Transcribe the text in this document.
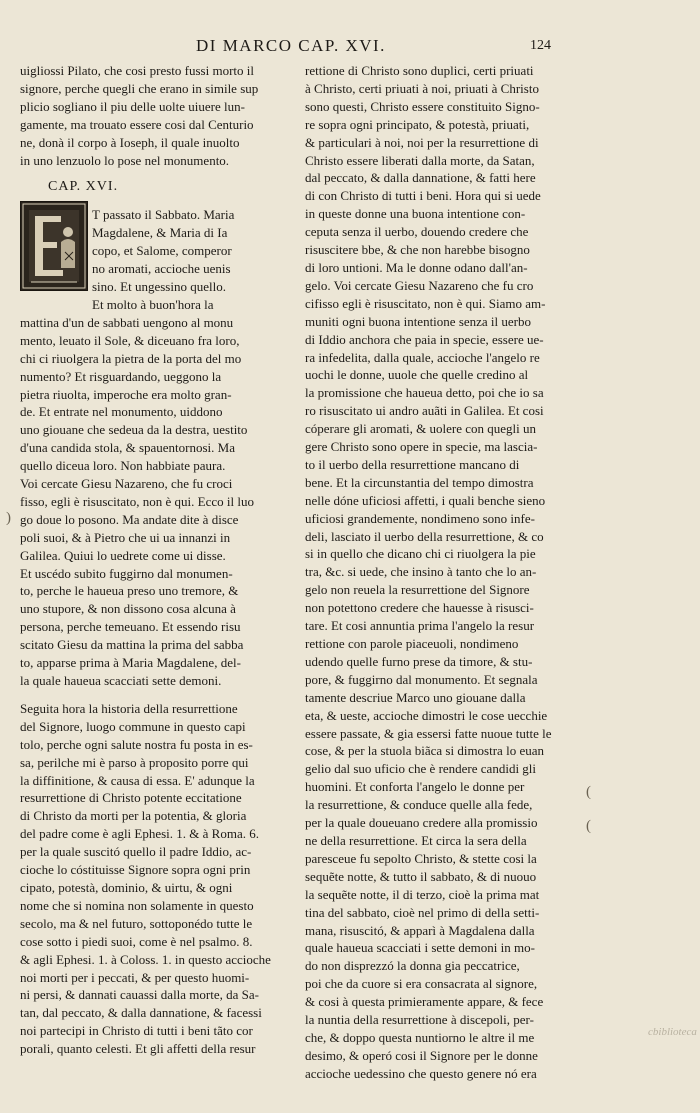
DI MARCO CAP. XVI.	124
uigliossi Pilato, che cosi presto fussi morto il
signore, perche quegli che erano in simile sup
plicio sogliano il piu delle uolte uiuere lun-
gamente, ma trouato essere cosi dal Centurio
ne, donà il corpo à Ioseph, il quale inuolto
in uno lenzuolo lo pose nel monumento.
CAP. XVI.
T passato il Sabbato. Maria
Magdalene, & Maria di Ia
copo, et Salome, comperor
no aromati, accioche uenis
sino. Et ungessino quello.
Et molto à buon'hora la
mattina d'un de sabbati uengono al monu
mento, leuato il Sole, & diceuano fra loro,
chi ci riuolgera la pietra de la porta del mo
numento? Et risguardando, ueggono la
pietra riuolta, imperoche era molto gran-
de. Et entrate nel monumento, uiddono
uno giouane che sedeua da la destra, uestito
d'una candida stola, & spauentornosi. Ma
quello diceua loro. Non habbiate paura.
Voi cercate Giesu Nazareno, che fu croci
fisso, egli è risuscitato, non è qui. Ecco il luo
go doue lo posono. Ma andate dite à disce
poli suoi, & à Pietro che ui ua innanzi in
Galilea. Quiui lo uedrete come ui disse.
Et uscédo subito fuggirno dal monumen-
to, perche le haueua preso uno tremore, &
uno stupore, & non dissono cosa alcuna à
persona, perche temeuano. Et essendo risu
scitato Giesu da mattina la prima del sabba
to, apparse prima à Maria Magdalene, del-
la quale haueua scacciati sette demoni.
Seguita hora la historia della resurrettione
del Signore, luogo commune in questo capi
tolo, perche ogni salute nostra fu posta in es-
sa, perilche mi è parso à proposito porre qui
la diffinitione, & causa di essa. E' adunque la
resurrettione di Christo potente eccitatione
di Christo da morti per la potentia, & gloria
del padre come è agli Ephesi. 1. & à Roma. 6.
per la quale suscitó quello il padre Iddio, ac-
cioche lo cóstituisse Signore sopra ogni prin
cipato, potestà, dominio, & uirtu, & ogni
nome che si nomina non solamente in questo
secolo, ma & nel futuro, sottoponédo tutte le
cose sotto i piedi suoi, come è nel psalmo. 8.
& agli Ephesi. 1. à Coloss. 1. in questo accioche
noi morti per i peccati, & per questo huomi-
ni persi, & dannati cauassi dalla morte, da Sa-
tan, dal peccato, & dalla dannatione, & facessi
noi partecipi in Christo di tutti i beni tãto cor
porali, quanto celesti. Et gli affetti della resur
rettione di Christo sono duplici, certi priuati
à Christo, certi priuati à noi, priuati à Christo
sono questi, Christo essere constituito Signo-
re sopra ogni principato, & potestà, priuati,
& particulari à noi, noi per la resurrettione di
Christo essere liberati dalla morte, da Satan,
dal peccato, & dalla dannatione, & fatti here
di con Christo di tutti i beni. Hora qui si uede
in queste donne una buona intentione con-
ceputa senza il uerbo, douendo credere che
risuscitere bbe, & che non harebbe bisogno
di loro untioni. Ma le donne odano dall'an-
gelo. Voi cercate Giesu Nazareno che fu cro
cifisso egli è risuscitato, non è qui. Siamo am-
muniti ogni buona intentione senza il uerbo
di Iddio anchora che paia in specie, essere ue-
ra infedelita, dalla quale, accioche l'angelo re
uochi le donne, uuole che quelle credino al
la promissione che haueua detto, poi che io sa
ro risuscitato ui andro auãti in Galilea. Et cosi
cóperare gli aromati, & uolere con quegli un
gere Christo sono opere in specie, ma lascia-
to il uerbo della resurrettione mancano di
bene. Et la circunstantia del tempo dimostra
nelle dóne uficiosi affetti, i quali benche sieno
uficiosi grandemente, nondimeno sono infe-
deli, lasciato il uerbo della resurrettione, & co
si in quello che dicano chi ci riuolgera la pie
tra, &c. si uede, che insino à tanto che lo an-
gelo non reuela la resurrettione del Signore
non potettono credere che hauesse à risusci-
tare. Et cosi annuntia prima l'angelo la resur
rettione con parole piaceuoli, nondimeno
udendo quelle furno prese da timore, & stu-
pore, & fuggirno dal monumento. Et segnala
tamente descriue Marco uno giouane dalla
eta, & ueste, accioche dimostri le cose uecchie
essere passate, & gia essersi fatte nuoue tutte le
cose, & per la stuola biãca si dimostra lo euan
gelio dal suo uficio che è rendere candidi gli
huomini. Et conforta l'angelo le donne per
la resurrettione, & conduce quelle alla fede,
per la quale doueuano credere alla promissio
ne della resurrettione. Et circa la sera della
paresceue fu sepolto Christo, & stette cosi la
sequẽte notte, & tutto il sabbato, & di nuouo
la sequẽte notte, il di terzo, cioè la prima mat
tina del sabbato, cioè nel primo di della setti-
mana, risuscitó, & apparì à Magdalena dalla
quale haueua scacciati i sette demoni in mo-
do non disprezzó la donna gia peccatrice,
poi che da cuore si era consacrata al signore,
& cosi à questa primieramente appare, & fece
la nuntia della resurrettione à discepoli, per-
che, & doppo questa nuntiorno le altre il me
desimo, & operó cosi il Signore per le donne
accioche uedessino che questo genere nó era
)
(
(
cbiblioteca
